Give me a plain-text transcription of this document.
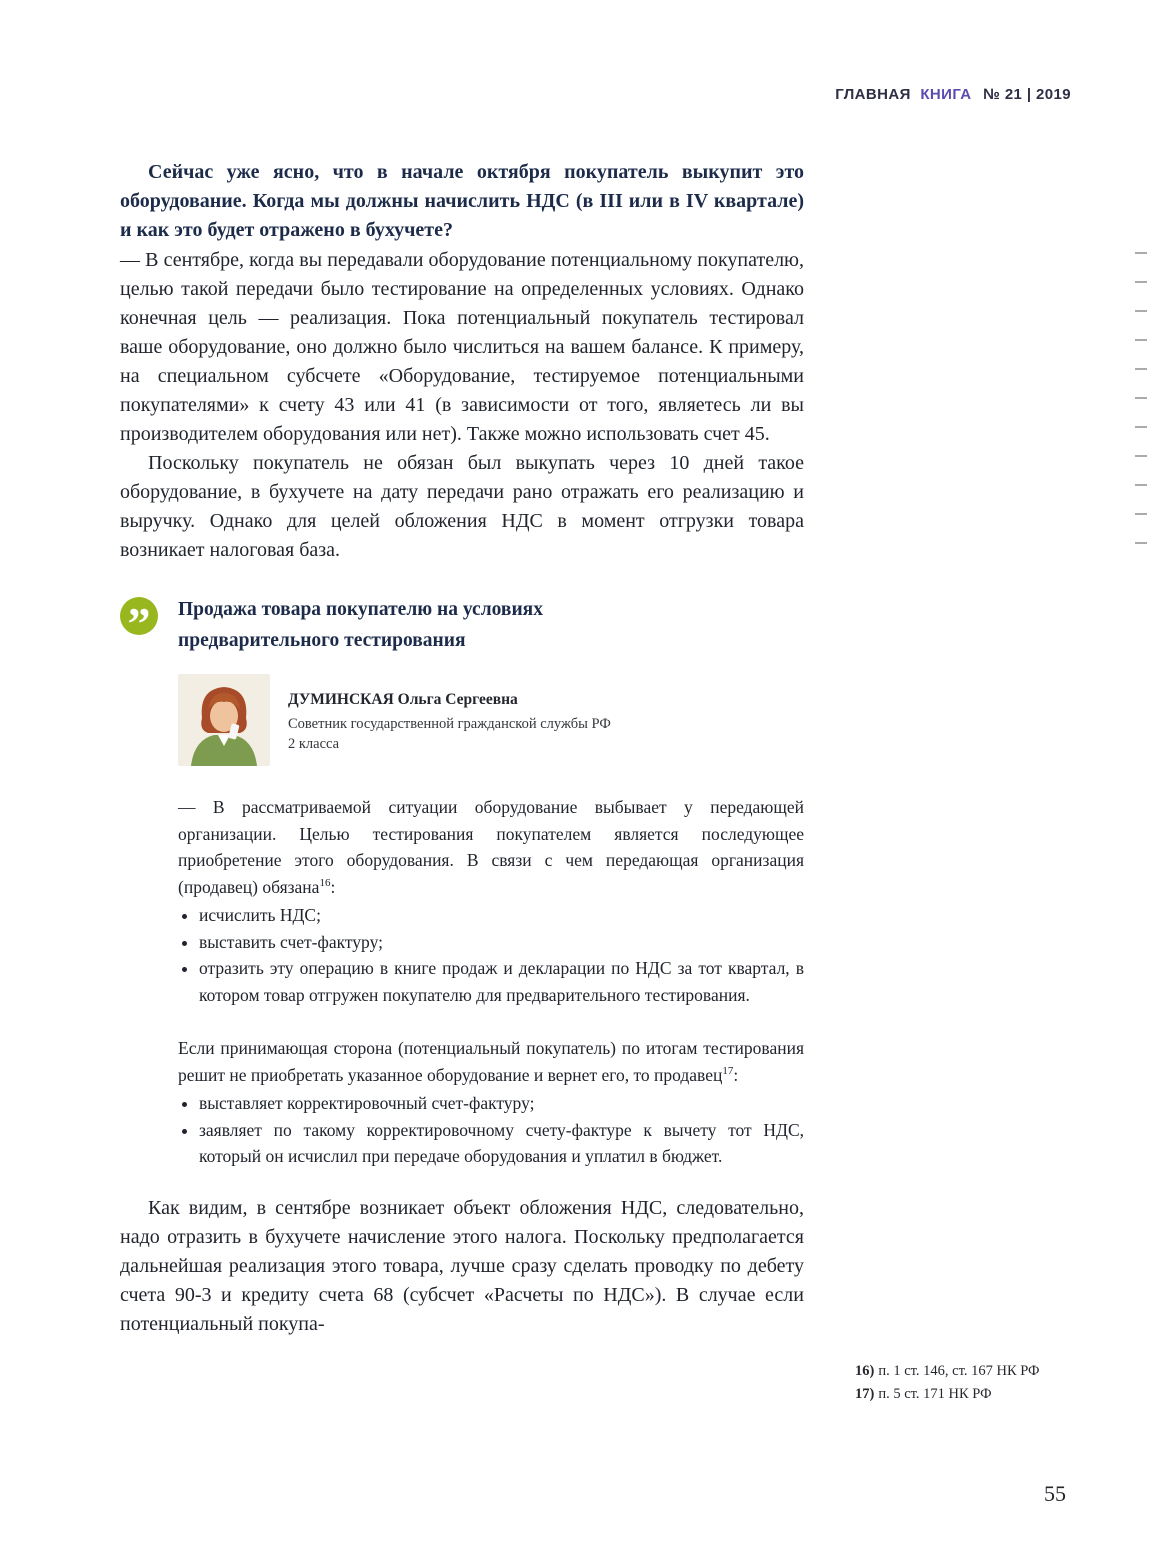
ГЛАВНАЯ КНИГА № 21 | 2019

Сейчас уже ясно, что в начале октября покупатель выкупит это оборудование. Когда мы должны начислить НДС (в III или в IV квартале) и как это будет отражено в бухучете?

— В сентябре, когда вы передавали оборудование потенциальному покупателю, целью такой передачи было тестирование на определенных условиях. Однако конечная цель — реализация. Пока потенциальный покупатель тестировал ваше оборудование, оно должно было числиться на вашем балансе. К примеру, на специальном субсчете «Оборудование, тестируемое потенциальными покупателями» к счету 43 или 41 (в зависимости от того, являетесь ли вы производителем оборудования или нет). Также можно использовать счет 45.

Поскольку покупатель не обязан был выкупать через 10 дней такое оборудование, в бухучете на дату передачи рано отражать его реализацию и выручку. Однако для целей обложения НДС в момент отгрузки товара возникает налоговая база.

”	Продажа товара покупателю на условиях предварительного тестирования
ДУМИНСКАЯ Ольга Сергеевна
Советник государственной гражданской службы РФ
2 класса

— В рассматриваемой ситуации оборудование выбывает у передающей организации. Целью тестирования покупателем является последующее приобретение этого оборудования. В связи с чем передающая организация (продавец) обязана$^{16}$:

• исчислить НДС;
• выставить счет-фактуру;
• отразить эту операцию в книге продаж и декларации по НДС за тот квартал, в котором товар отгружен покупателю для предварительного тестирования.

Если принимающая сторона (потенциальный покупатель) по итогам тестирования решит не приобретать указанное оборудование и вернет его, то продавец$^{17}$:

• выставляет корректировочный счет-фактуру;
• заявляет по такому корректировочному счету-фактуре к вычету тот НДС, который он исчислил при передаче оборудования и уплатил в бюджет.

Как видим, в сентябре возникает объект обложения НДС, следовательно, надо отразить в бухучете начисление этого налога. Поскольку предполагается дальнейшая реализация этого товара, лучше сразу сделать проводку по дебету счета 90-3 и кредиту счета 68 (субсчет «Расчеты по НДС»). В случае если потенциальный покупа-

16) п. 1 ст. 146, ст. 167 НК РФ

17) п. 5 ст. 171 НК РФ

55
